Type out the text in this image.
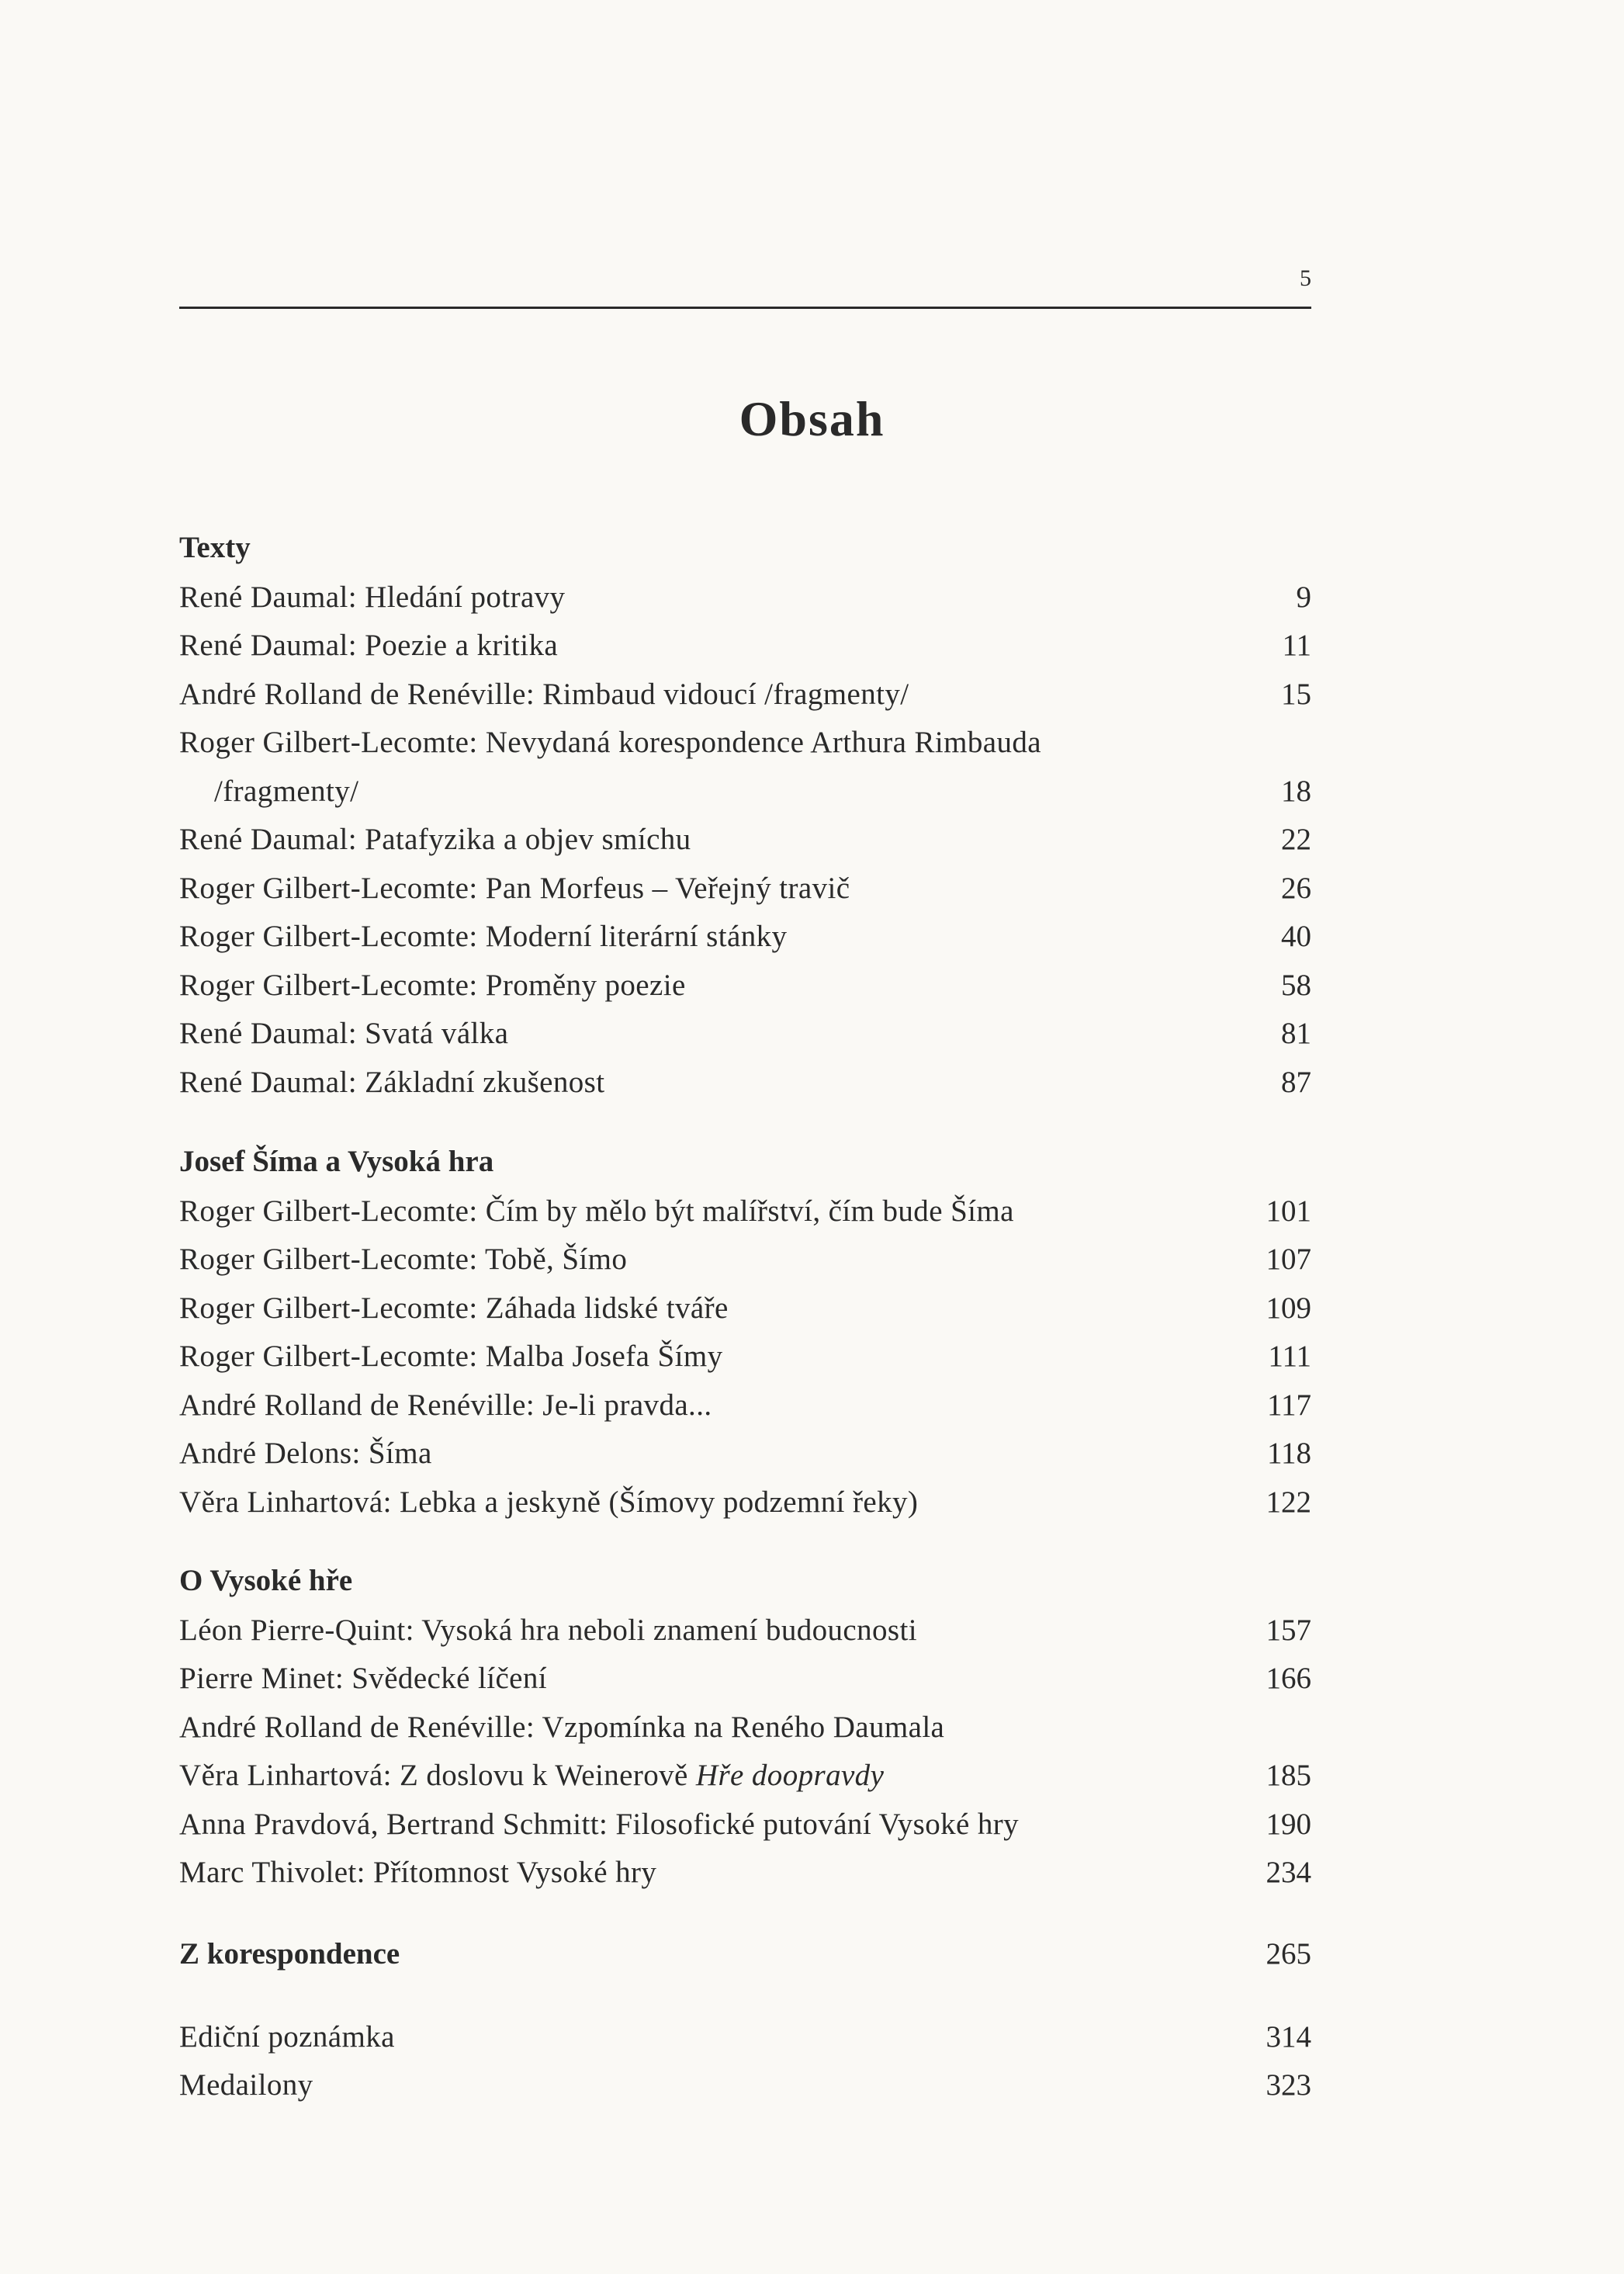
5
Obsah
Texty
René Daumal: Hledání potravy	9
René Daumal: Poezie a kritika	11
André Rolland de Renéville: Rimbaud vidoucí /fragmenty/	15
Roger Gilbert-Lecomte: Nevydaná korespondence Arthura Rimbauda
/fragmenty/	18
René Daumal: Patafyzika a objev smíchu	22
Roger Gilbert-Lecomte: Pan Morfeus – Veřejný travič	26
Roger Gilbert-Lecomte: Moderní literární stánky	40
Roger Gilbert-Lecomte: Proměny poezie	58
René Daumal: Svatá válka	81
René Daumal: Základní zkušenost	87
Josef Šíma a Vysoká hra
Roger Gilbert-Lecomte: Čím by mělo být malířství, čím bude Šíma	101
Roger Gilbert-Lecomte: Tobě, Šímo	107
Roger Gilbert-Lecomte: Záhada lidské tváře	109
Roger Gilbert-Lecomte: Malba Josefa Šímy	111
André Rolland de Renéville: Je-li pravda...	117
André Delons: Šíma	118
Věra Linhartová: Lebka a jeskyně (Šímovy podzemní řeky)	122
O Vysoké hře
Léon Pierre-Quint: Vysoká hra neboli znamení budoucnosti	157
Pierre Minet: Svědecké líčení	166
André Rolland de Renéville: Vzpomínka na Reného Daumala
Věra Linhartová: Z doslovu k Weinerově Hře doopravdy	185
Anna Pravdová, Bertrand Schmitt: Filosofické putování Vysoké hry	190
Marc Thivolet: Přítomnost Vysoké hry	234
Z korespondence	265
Ediční poznámka	314
Medailony	323
